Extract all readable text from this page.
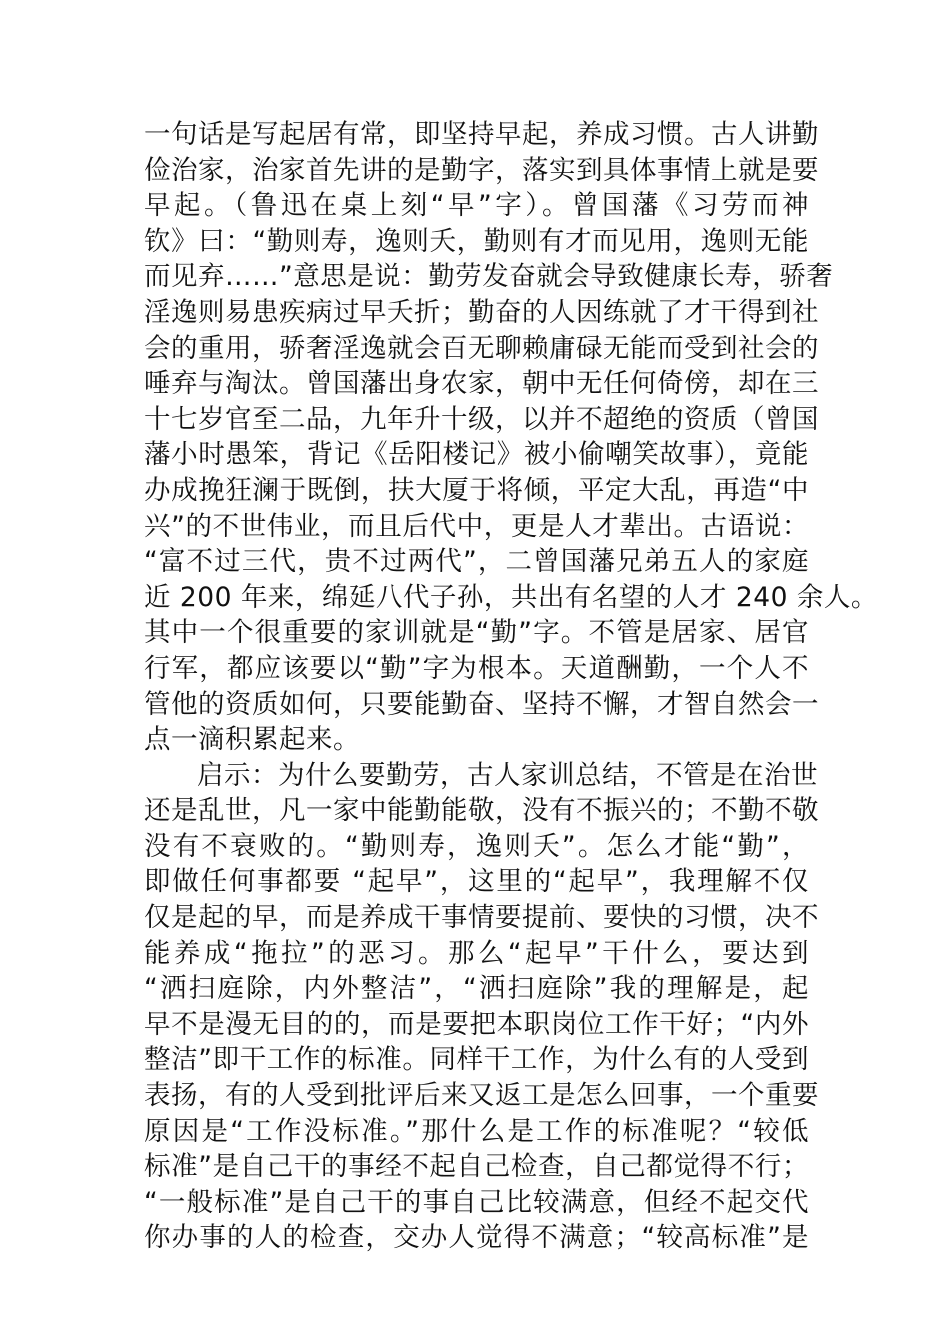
一句话是写起居有常，即坚持早起，养成习惯。古人讲勤
俭治家，治家首先讲的是勤字，落实到具体事情上就是要
早起。（鲁迅在桌上刻“早”字）。曾国藩《习劳而神
钦》曰：“勤则寿，逸则夭，勤则有才而见用，逸则无能
而见弃……”意思是说：勤劳发奋就会导致健康长寿，骄奢
淫逸则易患疾病过早夭折；勤奋的人因练就了才干得到社
会的重用，骄奢淫逸就会百无聊赖庸碌无能而受到社会的
唾弃与淘汰。曾国藩出身农家，朝中无任何倚傍，却在三
十七岁官至二品，九年升十级，以并不超绝的资质（曾国
藩小时愚笨，背记《岳阳楼记》被小偷嘲笑故事），竟能
办成挽狂澜于既倒，扶大厦于将倾，平定大乱，再造“中
兴”的不世伟业，而且后代中，更是人才辈出。古语说：
“富不过三代，贵不过两代”，二曾国藩兄弟五人的家庭
近 200 年来，绵延八代子孙，共出有名望的人才 240 余人。
其中一个很重要的家训就是“勤”字。不管是居家、居官
行军，都应该要以“勤”字为根本。天道酬勤，一个人不
管他的资质如何，只要能勤奋、坚持不懈，才智自然会一
点一滴积累起来。
启示：为什么要勤劳，古人家训总结，不管是在治世
还是乱世，凡一家中能勤能敬，没有不振兴的；不勤不敬
没有不衰败的。“勤则寿，逸则夭”。怎么才能“勤”，
即做任何事都要 “起早”，这里的“起早”，我理解不仅
仅是起的早，而是养成干事情要提前、要快的习惯，决不
能养成“拖拉”的恶习。那么“起早”干什么，要达到
“洒扫庭除，内外整洁”，“洒扫庭除”我的理解是，起
早不是漫无目的的，而是要把本职岗位工作干好；“内外
整洁”即干工作的标准。同样干工作，为什么有的人受到
表扬，有的人受到批评后来又返工是怎么回事，一个重要
原因是“工作没标准。”那什么是工作的标准呢？“较低
标准”是自己干的事经不起自己检查，自己都觉得不行；
“一般标准”是自己干的事自己比较满意，但经不起交代
你办事的人的检查，交办人觉得不满意；“较高标准”是
